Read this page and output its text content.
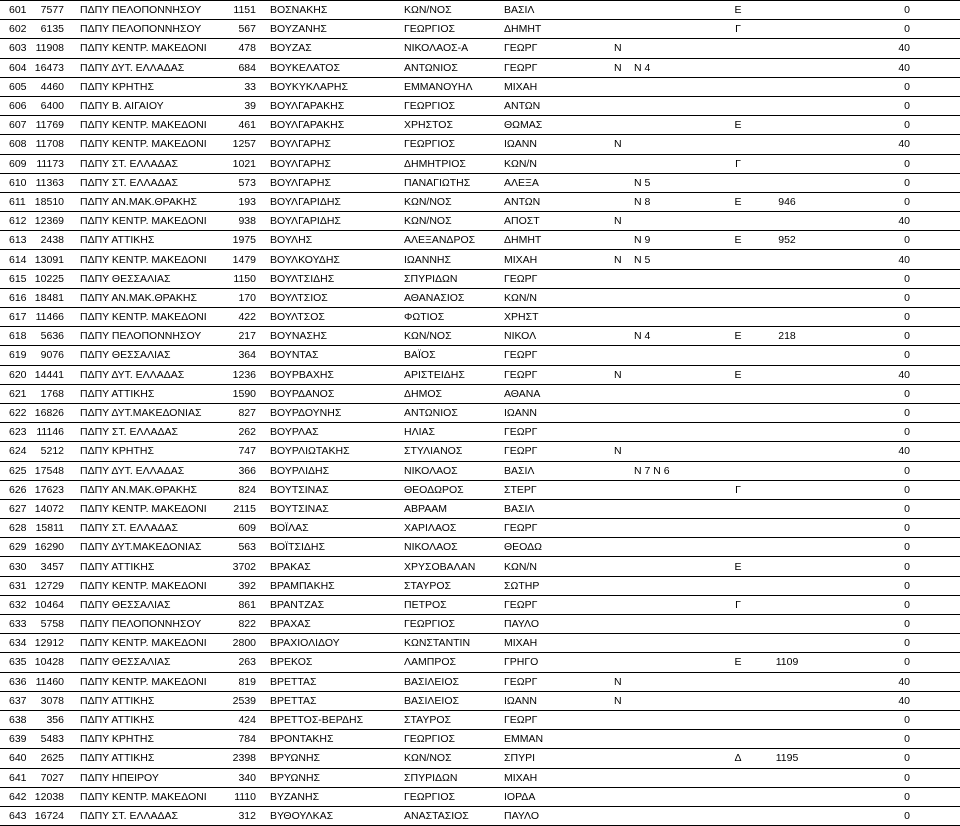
601	7577	ΠΔΠΥ ΠΕΛΟΠΟΝΝΗΣΟΥ	1151	ΒΟΣΝΑΚΗΣ	ΚΩΝ/ΝΟΣ	ΒΑΣΙΛ			Ε		0
602	6135	ΠΔΠΥ ΠΕΛΟΠΟΝΝΗΣΟΥ	567	ΒΟΥΖΑΝΗΣ	ΓΕΩΡΓΙΟΣ	ΔΗΜΗΤ			Γ		0
603	11908	ΠΔΠΥ ΚΕΝΤΡ. ΜΑΚΕΔΟΝΙ	478	ΒΟΥΖΑΣ	ΝΙΚΟΛΑΟΣ-Α	ΓΕΩΡΓ	Ν				40
604	16473	ΠΔΠΥ ΔΥΤ. ΕΛΛΑΔΑΣ	684	ΒΟΥΚΕΛΑΤΟΣ	ΑΝΤΩΝΙΟΣ	ΓΕΩΡΓ	Ν	Ν 4			40
605	4460	ΠΔΠΥ ΚΡΗΤΗΣ	33	ΒΟΥΚΥΚΛΑΡΗΣ	ΕΜΜΑΝΟΥΗΛ	ΜΙΧΑΗ					0
606	6400	ΠΔΠΥ Β. ΑΙΓΑΙΟΥ	39	ΒΟΥΛΓΑΡΑΚΗΣ	ΓΕΩΡΓΙΟΣ	ΑΝΤΩΝ					0
607	11769	ΠΔΠΥ ΚΕΝΤΡ. ΜΑΚΕΔΟΝΙ	461	ΒΟΥΛΓΑΡΑΚΗΣ	ΧΡΗΣΤΟΣ	ΘΩΜΑΣ			Ε		0
608	11708	ΠΔΠΥ ΚΕΝΤΡ. ΜΑΚΕΔΟΝΙ	1257	ΒΟΥΛΓΑΡΗΣ	ΓΕΩΡΓΙΟΣ	ΙΩΑΝΝ	Ν				40
609	11173	ΠΔΠΥ ΣΤ. ΕΛΛΑΔΑΣ	1021	ΒΟΥΛΓΑΡΗΣ	ΔΗΜΗΤΡΙΟΣ	ΚΩΝ/Ν			Γ		0
610	11363	ΠΔΠΥ ΣΤ. ΕΛΛΑΔΑΣ	573	ΒΟΥΛΓΑΡΗΣ	ΠΑΝΑΓΙΩΤΗΣ	ΑΛΕΞΑ		Ν 5			0
611	18510	ΠΔΠΥ ΑΝ.ΜΑΚ.ΘΡΑΚΗΣ	193	ΒΟΥΛΓΑΡΙΔΗΣ	ΚΩΝ/ΝΟΣ	ΑΝΤΩΝ		Ν 8	Ε	946	0
612	12369	ΠΔΠΥ ΚΕΝΤΡ. ΜΑΚΕΔΟΝΙ	938	ΒΟΥΛΓΑΡΙΔΗΣ	ΚΩΝ/ΝΟΣ	ΑΠΟΣΤ	Ν				40
613	2438	ΠΔΠΥ ΑΤΤΙΚΗΣ	1975	ΒΟΥΛΗΣ	ΑΛΕΞΑΝΔΡΟΣ	ΔΗΜΗΤ		Ν 9	Ε	952	0
614	13091	ΠΔΠΥ ΚΕΝΤΡ. ΜΑΚΕΔΟΝΙ	1479	ΒΟΥΛΚΟΥΔΗΣ	ΙΩΑΝΝΗΣ	ΜΙΧΑΗ	Ν	Ν 5			40
615	10225	ΠΔΠΥ ΘΕΣΣΑΛΙΑΣ	1150	ΒΟΥΛΤΣΙΔΗΣ	ΣΠΥΡΙΔΩΝ	ΓΕΩΡΓ					0
616	18481	ΠΔΠΥ ΑΝ.ΜΑΚ.ΘΡΑΚΗΣ	170	ΒΟΥΛΤΣΙΟΣ	ΑΘΑΝΑΣΙΟΣ	ΚΩΝ/Ν					0
617	11466	ΠΔΠΥ ΚΕΝΤΡ. ΜΑΚΕΔΟΝΙ	422	ΒΟΥΛΤΣΟΣ	ΦΩΤΙΟΣ	ΧΡΗΣΤ					0
618	5636	ΠΔΠΥ ΠΕΛΟΠΟΝΝΗΣΟΥ	217	ΒΟΥΝΑΣΗΣ	ΚΩΝ/ΝΟΣ	ΝΙΚΟΛ		Ν 4	Ε	218	0
619	9076	ΠΔΠΥ ΘΕΣΣΑΛΙΑΣ	364	ΒΟΥΝΤΑΣ	ΒΑΪΟΣ	ΓΕΩΡΓ					0
620	14441	ΠΔΠΥ ΔΥΤ. ΕΛΛΑΔΑΣ	1236	ΒΟΥΡΒΑΧΗΣ	ΑΡΙΣΤΕΙΔΗΣ	ΓΕΩΡΓ	Ν		Ε		40
621	1768	ΠΔΠΥ ΑΤΤΙΚΗΣ	1590	ΒΟΥΡΔΑΝΟΣ	ΔΗΜΟΣ	ΑΘΑΝΑ					0
622	16826	ΠΔΠΥ ΔΥΤ.ΜΑΚΕΔΟΝΙΑΣ	827	ΒΟΥΡΔΟΥΝΗΣ	ΑΝΤΩΝΙΟΣ	ΙΩΑΝΝ					0
623	11146	ΠΔΠΥ ΣΤ. ΕΛΛΑΔΑΣ	262	ΒΟΥΡΛΑΣ	ΗΛΙΑΣ	ΓΕΩΡΓ					0
624	5212	ΠΔΠΥ ΚΡΗΤΗΣ	747	ΒΟΥΡΛΙΩΤΑΚΗΣ	ΣΤΥΛΙΑΝΟΣ	ΓΕΩΡΓ	Ν				40
625	17548	ΠΔΠΥ ΔΥΤ. ΕΛΛΑΔΑΣ	366	ΒΟΥΡΛΙΔΗΣ	ΝΙΚΟΛΑΟΣ	ΒΑΣΙΛ		Ν 7 Ν 6			0
626	17623	ΠΔΠΥ ΑΝ.ΜΑΚ.ΘΡΑΚΗΣ	824	ΒΟΥΤΣΙΝΑΣ	ΘΕΟΔΩΡΟΣ	ΣΤΕΡΓ			Γ		0
627	14072	ΠΔΠΥ ΚΕΝΤΡ. ΜΑΚΕΔΟΝΙ	2115	ΒΟΥΤΣΙΝΑΣ	ΑΒΡΑΑΜ	ΒΑΣΙΛ					0
628	15811	ΠΔΠΥ ΣΤ. ΕΛΛΑΔΑΣ	609	ΒΟΪΛΑΣ	ΧΑΡΙΛΑΟΣ	ΓΕΩΡΓ					0
629	16290	ΠΔΠΥ ΔΥΤ.ΜΑΚΕΔΟΝΙΑΣ	563	ΒΟΪΤΣΙΔΗΣ	ΝΙΚΟΛΑΟΣ	ΘΕΟΔΩ					0
630	3457	ΠΔΠΥ ΑΤΤΙΚΗΣ	3702	ΒΡΑΚΑΣ	ΧΡΥΣΟΒΑΛΑΝ	ΚΩΝ/Ν			Ε		0
631	12729	ΠΔΠΥ ΚΕΝΤΡ. ΜΑΚΕΔΟΝΙ	392	ΒΡΑΜΠΑΚΗΣ	ΣΤΑΥΡΟΣ	ΣΩΤΗΡ					0
632	10464	ΠΔΠΥ ΘΕΣΣΑΛΙΑΣ	861	ΒΡΑΝΤΖΑΣ	ΠΕΤΡΟΣ	ΓΕΩΡΓ			Γ		0
633	5758	ΠΔΠΥ ΠΕΛΟΠΟΝΝΗΣΟΥ	822	ΒΡΑΧΑΣ	ΓΕΩΡΓΙΟΣ	ΠΑΥΛΟ					0
634	12912	ΠΔΠΥ ΚΕΝΤΡ. ΜΑΚΕΔΟΝΙ	2800	ΒΡΑΧΙΟΛΙΔΟΥ	ΚΩΝΣΤΑΝΤΙΝ	ΜΙΧΑΗ					0
635	10428	ΠΔΠΥ ΘΕΣΣΑΛΙΑΣ	263	ΒΡΕΚΟΣ	ΛΑΜΠΡΟΣ	ΓΡΗΓΟ			Ε	1109	0
636	11460	ΠΔΠΥ ΚΕΝΤΡ. ΜΑΚΕΔΟΝΙ	819	ΒΡΕΤΤΑΣ	ΒΑΣΙΛΕΙΟΣ	ΓΕΩΡΓ	Ν				40
637	3078	ΠΔΠΥ ΑΤΤΙΚΗΣ	2539	ΒΡΕΤΤΑΣ	ΒΑΣΙΛΕΙΟΣ	ΙΩΑΝΝ	Ν				40
638	356	ΠΔΠΥ ΑΤΤΙΚΗΣ	424	ΒΡΕΤΤΟΣ-ΒΕΡΔΗΣ	ΣΤΑΥΡΟΣ	ΓΕΩΡΓ					0
639	5483	ΠΔΠΥ ΚΡΗΤΗΣ	784	ΒΡΟΝΤΑΚΗΣ	ΓΕΩΡΓΙΟΣ	ΕΜΜΑΝ					0
640	2625	ΠΔΠΥ ΑΤΤΙΚΗΣ	2398	ΒΡΥΩΝΗΣ	ΚΩΝ/ΝΟΣ	ΣΠΥΡΙ			Δ	1195	0
641	7027	ΠΔΠΥ ΗΠΕΙΡΟΥ	340	ΒΡΥΩΝΗΣ	ΣΠΥΡΙΔΩΝ	ΜΙΧΑΗ					0
642	12038	ΠΔΠΥ ΚΕΝΤΡ. ΜΑΚΕΔΟΝΙ	1110	ΒΥΖΑΝΗΣ	ΓΕΩΡΓΙΟΣ	ΙΟΡΔΑ					0
643	16724	ΠΔΠΥ ΣΤ. ΕΛΛΑΔΑΣ	312	ΒΥΘΟΥΛΚΑΣ	ΑΝΑΣΤΑΣΙΟΣ	ΠΑΥΛΟ					0
